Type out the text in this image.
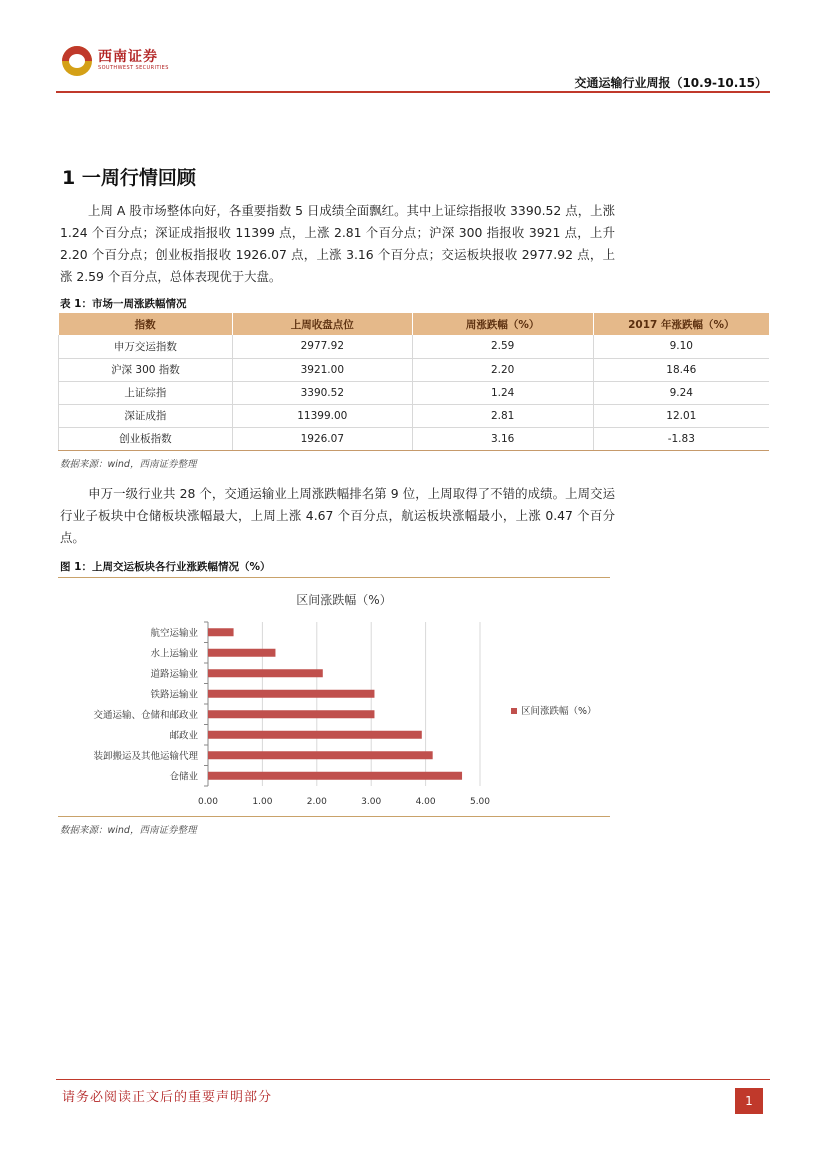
西南证券
SOUTHWEST SECURITIES
交通运输行业周报（10.9-10.15）
1 一周行情回顾
上周 A 股市场整体向好，各重要指数 5 日成绩全面飘红。其中上证综指报收 3390.52 点，上涨 1.24 个百分点；深证成指报收 11399 点，上涨 2.81 个百分点；沪深 300 指报收 3921 点，上升 2.20 个百分点；创业板指报收 1926.07 点，上涨 3.16 个百分点；交运板块报收 2977.92 点，上涨 2.59 个百分点，总体表现优于大盘。
表 1：市场一周涨跌幅情况
指数	上周收盘点位	周涨跌幅（%）	2017 年涨跌幅（%）
申万交运指数	2977.92	2.59	9.10
沪深 300 指数	3921.00	2.20	18.46
上证综指	3390.52	1.24	9.24
深证成指	11399.00	2.81	12.01
创业板指数	1926.07	3.16	-1.83
数据来源：wind，西南证券整理
申万一级行业共 28 个，交通运输业上周涨跌幅排名第 9 位，上周取得了不错的成绩。上周交运行业子板块中仓储板块涨幅最大，上周上涨 4.67 个百分点，航运板块涨幅最小，上涨 0.47 个百分点。
图 1：上周交运板块各行业涨跌幅情况（%）
区间涨跌幅（%）
0.00	1.00	2.00	3.00	4.00	5.00
航空运输业
水上运输业
道路运输业
铁路运输业
交通运输、仓储和邮政业
邮政业
装卸搬运及其他运输代理
仓储业
区间涨跌幅（%）
数据来源：wind，西南证券整理
请务必阅读正文后的重要声明部分	1
